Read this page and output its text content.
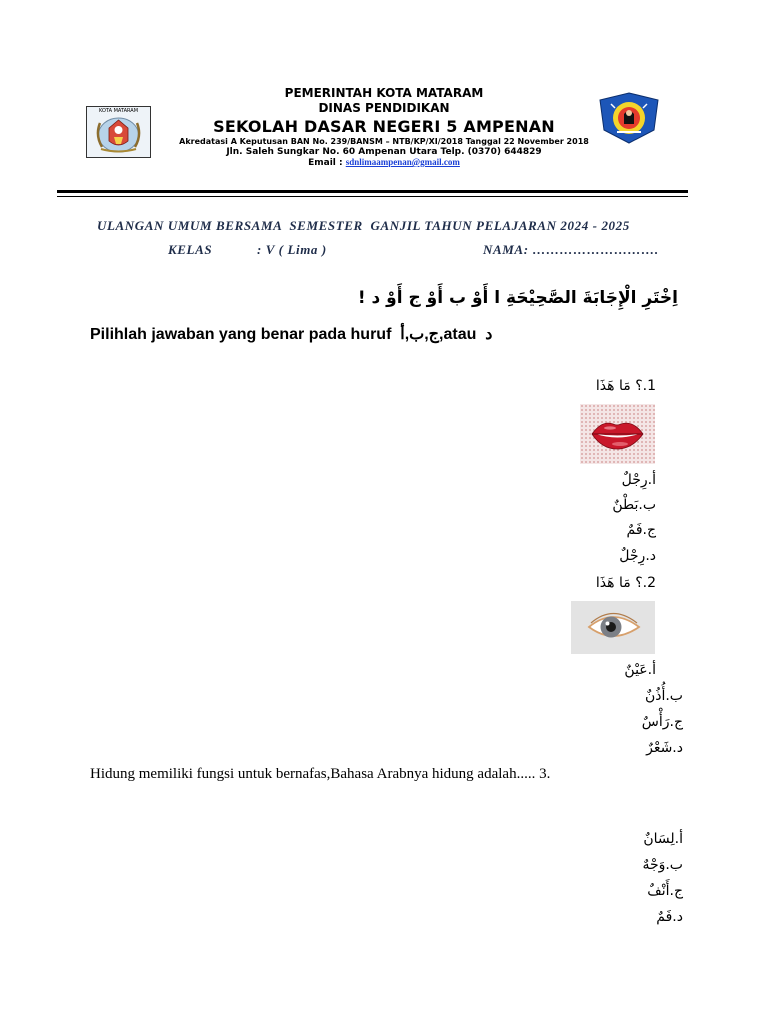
KOTA MATARAM
PEMERINTAH KOTA MATARAM
DINAS PENDIDIKAN
SEKOLAH DASAR NEGERI 5 AMPENAN
Akredatasi A Keputusan BAN No. 239/BANSM – NTB/KP/XI/2018 Tanggal 22 November 2018
Jln. Saleh Sungkar No. 60 Ampenan Utara Telp. (0370) 644829
Email : sdnlimaampenan@gmail.com
ULANGAN UMUM BERSAMA  SEMESTER  GANJIL TAHUN PELAJARAN 2024 - 2025
KELAS	: V ( Lima )	NAMA: ……………………….
اِخْتَرِ الْإِجَابَةَ الصَّحِيْحَةِ ا أَوْ ب أَوْ ج أَوْ د !
Pilihlah jawaban yang benar pada huruf  ج,ب,أ,atau  د
1.؟ مَا هَذَا
أ.رِجْلٌ
ب.بَطْنٌ
ج.فَمٌ
د.رِجْلٌ
2.؟ مَا هَذَا
أ.عَيْنٌ
ب.أُذُنٌ
ج.رَأْسٌ
د.شَعْرٌ
Hidung memiliki fungsi untuk bernafas,Bahasa Arabnya hidung adalah..... 3.
أ.لِسَانٌ
ب.وَجْهٌ
ج.أَنْفٌ
د.فَمٌ
